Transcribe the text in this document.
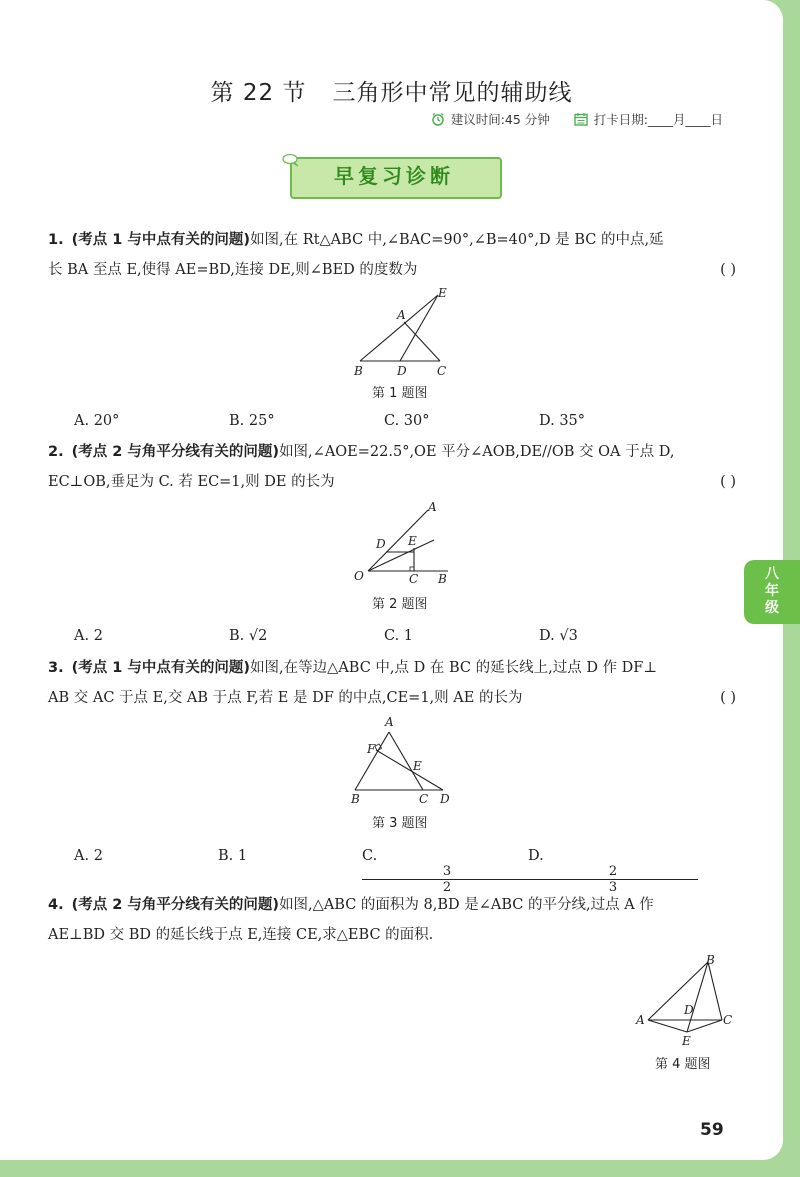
第 22 节 三角形中常见的辅助线
建议时间:45 分钟	打卡日期:____月____日
早复习诊断
1. (考点 1 与中点有关的问题)如图,在 Rt△ABC 中,∠BAC=90°,∠B=40°,D 是 BC 的中点,延
长 BA 至点 E,使得 AE=BD,连接 DE,则∠BED 的度数为	( )
E
A
B	D	C
第 1 题图
A. 20°	B. 25°	C. 30°	D. 35°
2. (考点 2 与角平分线有关的问题)如图,∠AOE=22.5°,OE 平分∠AOB,DE//OB 交 OA 于点 D,
EC⊥OB,垂足为 C. 若 EC=1,则 DE 的长为	( )
A
D E
O	C B
第 2 题图
A. 2	B. √2	C. 1	D. √3
3. (考点 1 与中点有关的问题)如图,在等边△ABC 中,点 D 在 BC 的延长线上,过点 D 作 DF⊥
AB 交 AC 于点 E,交 AB 于点 F,若 E 是 DF 的中点,CE=1,则 AE 的长为	( )
A
F
E
B	C D
第 3 题图
A. 2	B. 1	C.
$\frac{3}{2}$
D.
$\frac{2}{3}$
4. (考点 2 与角平分线有关的问题)如图,△ABC 的面积为 8,BD 是∠ABC 的平分线,过点 A 作
AE⊥BD 交 BD 的延长线于点 E,连接 CE,求△EBC 的面积.
B
A
D
C
E
第 4 题图
59
八
年
级
